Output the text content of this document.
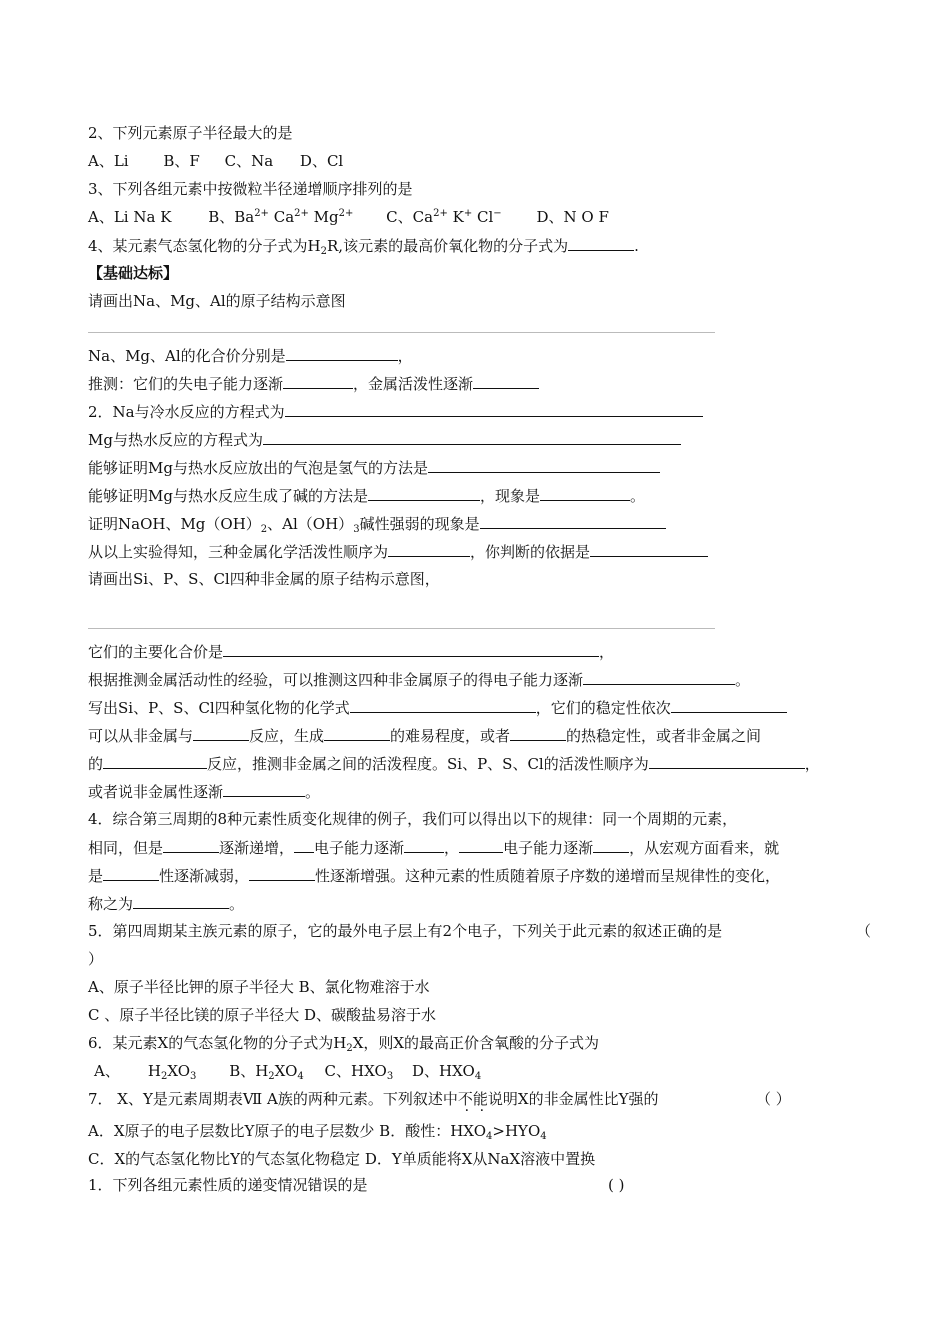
2、下列元素原子半径最大的是
A、Li B、F C、Na D、Cl
3、下列各组元素中按微粒半径递增顺序排列的是
A、Li Na K B、$Ba^{2+}$ $Ca^{2+}$ $Mg^{2+}$ C、$Ca^{2+}$ K+ Cl− D、N O F
4、某元素气态氢化物的分子式为$H_2R$,该元素的最高价氧化物的分子式为	.
【基础达标】
请画出Na、Mg、Al的原子结构示意图
Na、Mg、Al的化合价分别是	，
推测：它们的失电子能力逐渐	，金属活泼性逐渐
2．Na与冷水反应的方程式为
Mg与热水反应的方程式为
能够证明Mg与热水反应放出的气泡是氢气的方法是
能够证明Mg与热水反应生成了碱的方法是	，现象是	。
证明NaOH、$Mg(OH)_2$、$Al(OH)_3$碱性强弱的现象是
从以上实验得知，三种金属化学活泼性顺序为	，你判断的依据是
请画出Si、P、S、Cl四种非金属的原子结构示意图，
它们的主要化合价是	，
根据推测金属活动性的经验，可以推测这四种非金属原子的得电子能力逐渐	。
写出Si、P、S、Cl四种氢化物的化学式	，它们的稳定性依次
可以从非金属与	反应，生成	的难易程度，或者	的热稳定性，或者非金属之间
的	反应，推测非金属之间的活泼程度。Si、P、S、Cl的活泼性顺序为	，
或者说非金属性逐渐	。
4．综合第三周期的8种元素性质变化规律的例子，我们可以得出以下的规律：同一个周期的元素，
相同，但是	逐渐递增， 电子能力逐渐	，	电子能力逐渐 ，从宏观方面看来，就
是	性逐渐减弱，	性逐渐增强。这种元素的性质随着原子序数的递增而呈规律性的变化，
称之为	。
5．第四周期某主族元素的原子，它的最外电子层上有2个电子，下列关于此元素的叙述正确的是	（
）
A、原子半径比钾的原子半径大 B、氯化物难溶于水
C 、原子半径比镁的原子半径大 D、碳酸盐易溶于水
6．某元素X的气态氢化物的分子式为$H_2X$，则X的最高正价含氧酸的分子式为
A、 $H_2XO_3$ B、$H_2XO_4$ C、$HXO_3$ D、$HXO_4$
7． X、Y是元素周期表Ⅶ A族的两种元素。下列叙述中不能说明X的非金属性比Y强的	（ ）
A．X原子的电子层数比Y原子的电子层数少 B．酸性：$HXO_4>HYO_4$
C．X的气态氢化物比Y的气态氢化物稳定 D．Y单质能将X从NaX溶液中置换
1．下列各组元素性质的递变情况错误的是	( )
